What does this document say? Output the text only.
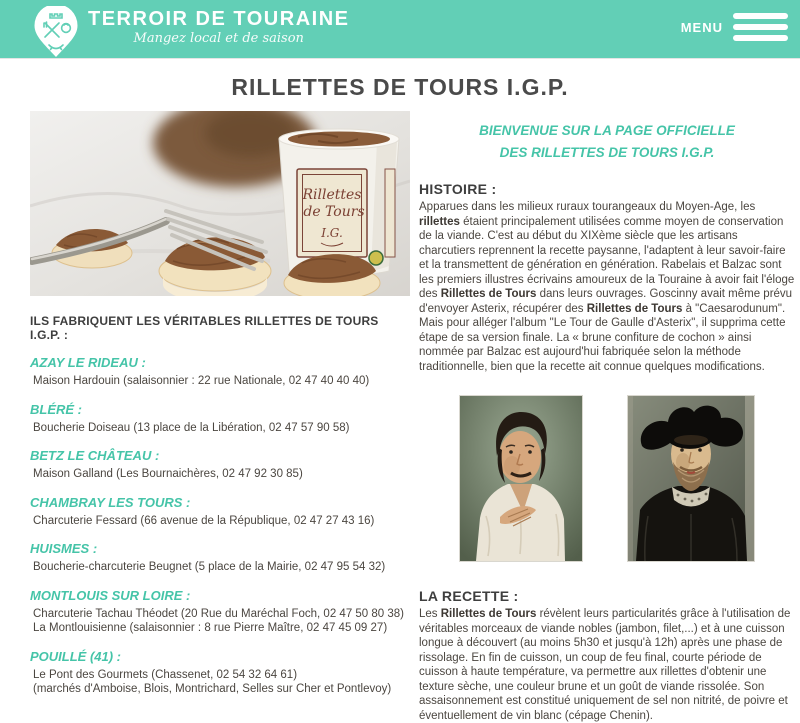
TERROIR DE TOURAINE
Mangez local et de saison
MENU
RILLETTES DE TOURS I.G.P.
Rillettes
de Tours
I.G.
ILS FABRIQUENT LES VÉRITABLES RILLETTES DE TOURS I.G.P. :
AZAY LE RIDEAU :
Maison Hardouin (salaisonnier : 22 rue Nationale, 02 47 40 40 40)
BLÉRÉ :
Boucherie Doiseau (13 place de la Libération, 02 47 57 90 58)
BETZ LE CHÂTEAU :
Maison Galland (Les Bournaichères, 02 47 92 30 85)
CHAMBRAY LES TOURS :
Charcuterie Fessard (66 avenue de la République, 02 47 27 43 16)
HUISMES :
Boucherie-charcuterie Beugnet (5 place de la Mairie, 02 47 95 54 32)
MONTLOUIS SUR LOIRE :
Charcuterie Tachau Théodet (20 Rue du Maréchal Foch, 02 47 50 80 38)
La Montlouisienne (salaisonnier : 8 rue Pierre Maître, 02 47 45 09 27)
POUILLÉ (41) :
Le Pont des Gourmets (Chassenet, 02 54 32 64 61)
(marchés d'Amboise, Blois, Montrichard, Selles sur Cher et Pontlevoy)
BIENVENUE SUR LA PAGE OFFICIELLE
DES RILLETTES DE TOURS I.G.P.
HISTOIRE :

Apparues dans les milieux ruraux tourangeaux du Moyen-Age, les rillettes étaient principalement utilisées comme moyen de conservation de la viande. C'est au début du XIXème siècle que les artisans charcutiers reprennent la recette paysanne, l'adaptent à leur savoir-faire et la transmettent de génération en génération. Rabelais et Balzac sont les premiers illustres écrivains amoureux de la Touraine à avoir fait l'éloge des Rillettes de Tours dans leurs ouvrages. Goscinny avait même prévu d'envoyer Asterix, récupérer des Rillettes de Tours à "Caesarodunum". Mais pour alléger l'album "Le Tour de Gaulle d'Asterix", il supprima cette étape de sa version finale. La « brune confiture de cochon » ainsi nommée par Balzac est aujourd'hui fabriquée selon la méthode traditionnelle, bien que la recette ait connue quelques modifications.

LA RECETTE :

Les Rillettes de Tours révèlent leurs particularités grâce à l'utilisation de véritables morceaux de viande nobles (jambon, filet,...) et à une cuisson longue à découvert (au moins 5h30 et jusqu'à 12h) après une phase de rissolage. En fin de cuisson, un coup de feu final, courte période de cuisson à haute température, va permettre aux rillettes d'obtenir une texture sèche, une couleur brune et un goût de viande rissolée. Son assaisonnement est constitué uniquement de sel non nitrité, de poivre et éventuellement de vin blanc (cépage Chenin).
